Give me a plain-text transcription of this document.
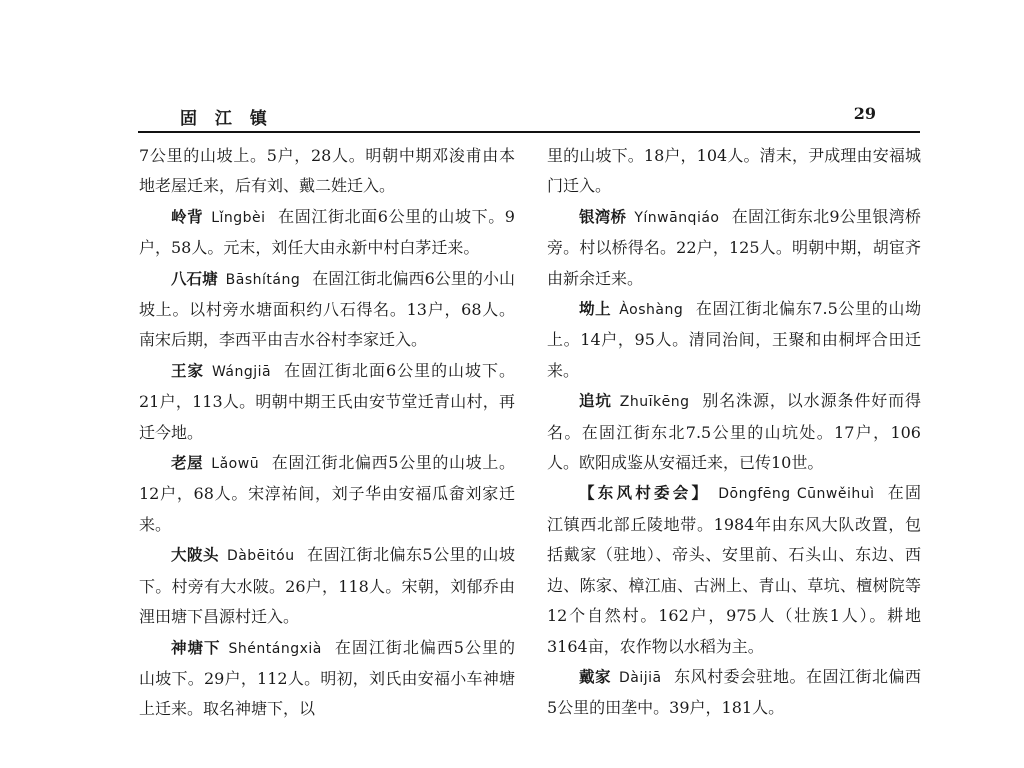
固 江 镇	29

7公里的山坡上。5户，28人。明朝中期邓浚甫由本地老屋迁来，后有刘、戴二姓迁入。

岭背 Lǐngbèi 在固江街北面6公里的山坡下。9户，58人。元末，刘任大由永新中村白茅迁来。

八石塘 Bāshítáng 在固江街北偏西6公里的小山坡上。以村旁水塘面积约八石得名。13户，68人。南宋后期，李西平由吉水谷村李家迁入。

王家 Wángjiā 在固江街北面6公里的山坡下。21户，113人。明朝中期王氏由安节堂迁青山村，再迁今地。

老屋 Lǎowū 在固江街北偏西5公里的山坡上。12户，68人。宋淳祐间，刘子华由安福瓜畲刘家迁来。

大陂头 Dàbēitóu 在固江街北偏东5公里的山坡下。村旁有大水陂。26户，118人。宋朝，刘郁乔由浬田塘下昌源村迁入。

神塘下 Shéntángxià 在固江街北偏西5公里的山坡下。29户，112人。明初，刘氏由安福小车神塘上迁来。取名神塘下，以

里的山坡下。18户，104人。清末，尹成理由安福城门迁入。

银湾桥 Yínwānqiáo 在固江街东北9公里银湾桥旁。村以桥得名。22户，125人。明朝中期，胡宦齐由新余迁来。

坳上 Àoshàng 在固江街北偏东7.5公里的山坳上。14户，95人。清同治间，王聚和由桐坪合田迁来。

追坑 Zhuīkēng 别名洙源，以水源条件好而得名。在固江街东北7.5公里的山坑处。17户，106人。欧阳成鉴从安福迁来，已传10世。

【东风村委会】 Dōngfēng Cūnwěihuì 在固江镇西北部丘陵地带。1984年由东风大队改置，包括戴家（驻地）、帝头、安里前、石头山、东边、西边、陈家、樟江庙、古洲上、青山、草坑、檀树院等12个自然村。162户，975人（壮族1人）。耕地3164亩，农作物以水稻为主。

戴家 Dàijiā 东风村委会驻地。在固江街北偏西5公里的田垄中。39户，181人。
